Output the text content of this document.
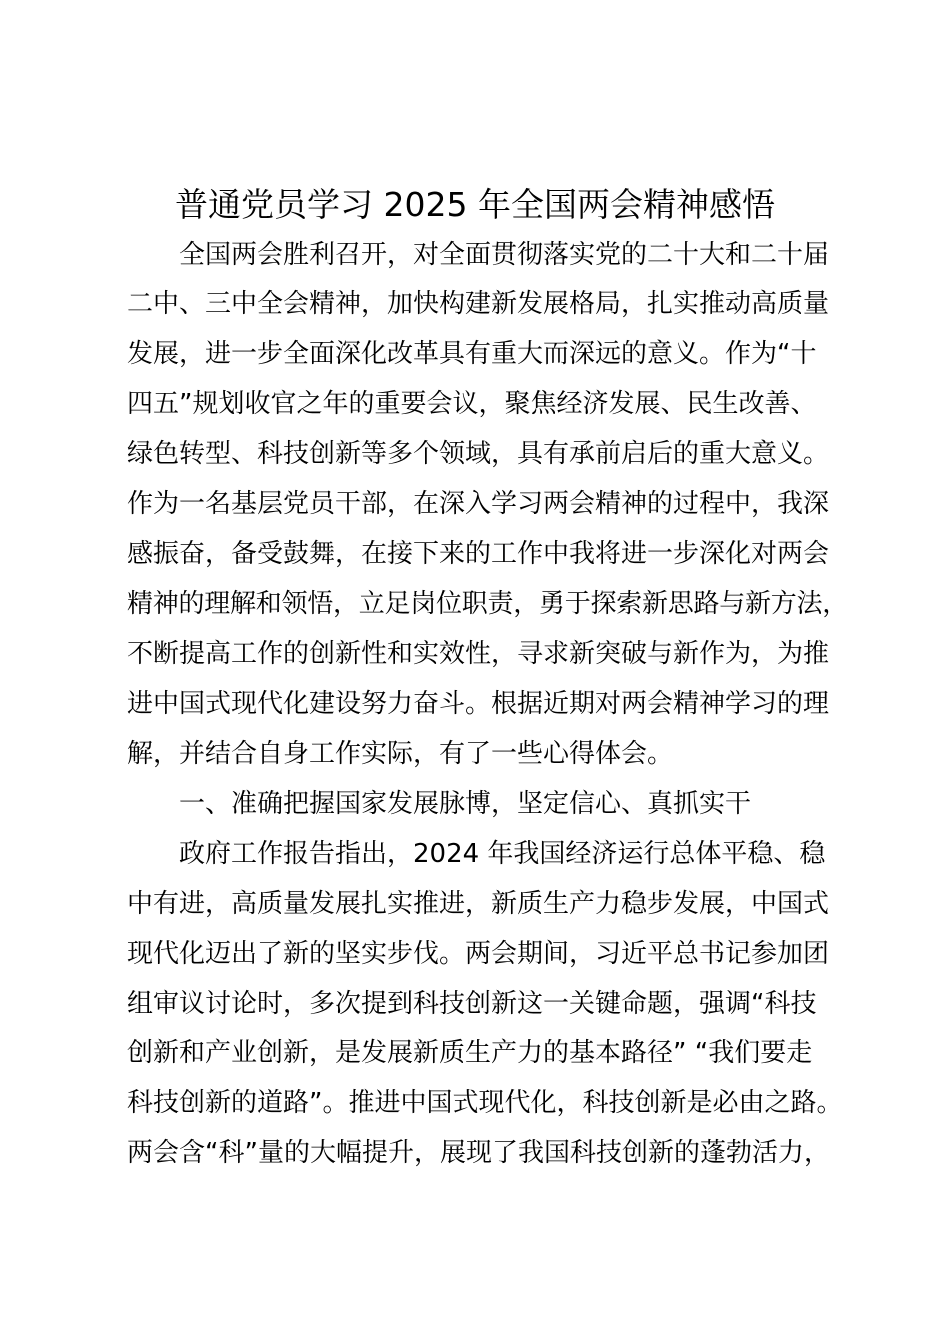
普通党员学习 2025 年全国两会精神感悟

全国两会胜利召开，对全面贯彻落实党的二十大和二十届

二中、三中全会精神，加快构建新发展格局，扎实推动高质量

发展，进一步全面深化改革具有重大而深远的意义。作为“十

四五”规划收官之年的重要会议，聚焦经济发展、民生改善、

绿色转型、科技创新等多个领域，具有承前启后的重大意义。

作为一名基层党员干部，在深入学习两会精神的过程中，我深

感振奋，备受鼓舞，在接下来的工作中我将进一步深化对两会

精神的理解和领悟，立足岗位职责，勇于探索新思路与新方法，

不断提高工作的创新性和实效性，寻求新突破与新作为，为推

进中国式现代化建设努力奋斗。根据近期对两会精神学习的理

解，并结合自身工作实际，有了一些心得体会。

一、准确把握国家发展脉博，坚定信心、真抓实干

政府工作报告指出，2024 年我国经济运行总体平稳、稳

中有进，高质量发展扎实推进，新质生产力稳步发展，中国式

现代化迈出了新的坚实步伐。两会期间，习近平总书记参加团

组审议讨论时，多次提到科技创新这一关键命题，强调“科技

创新和产业创新，是发展新质生产力的基本路径” “我们要走

科技创新的道路”。推进中国式现代化，科技创新是必由之路。

两会含“科”量的大幅提升，展现了我国科技创新的蓬勃活力，
